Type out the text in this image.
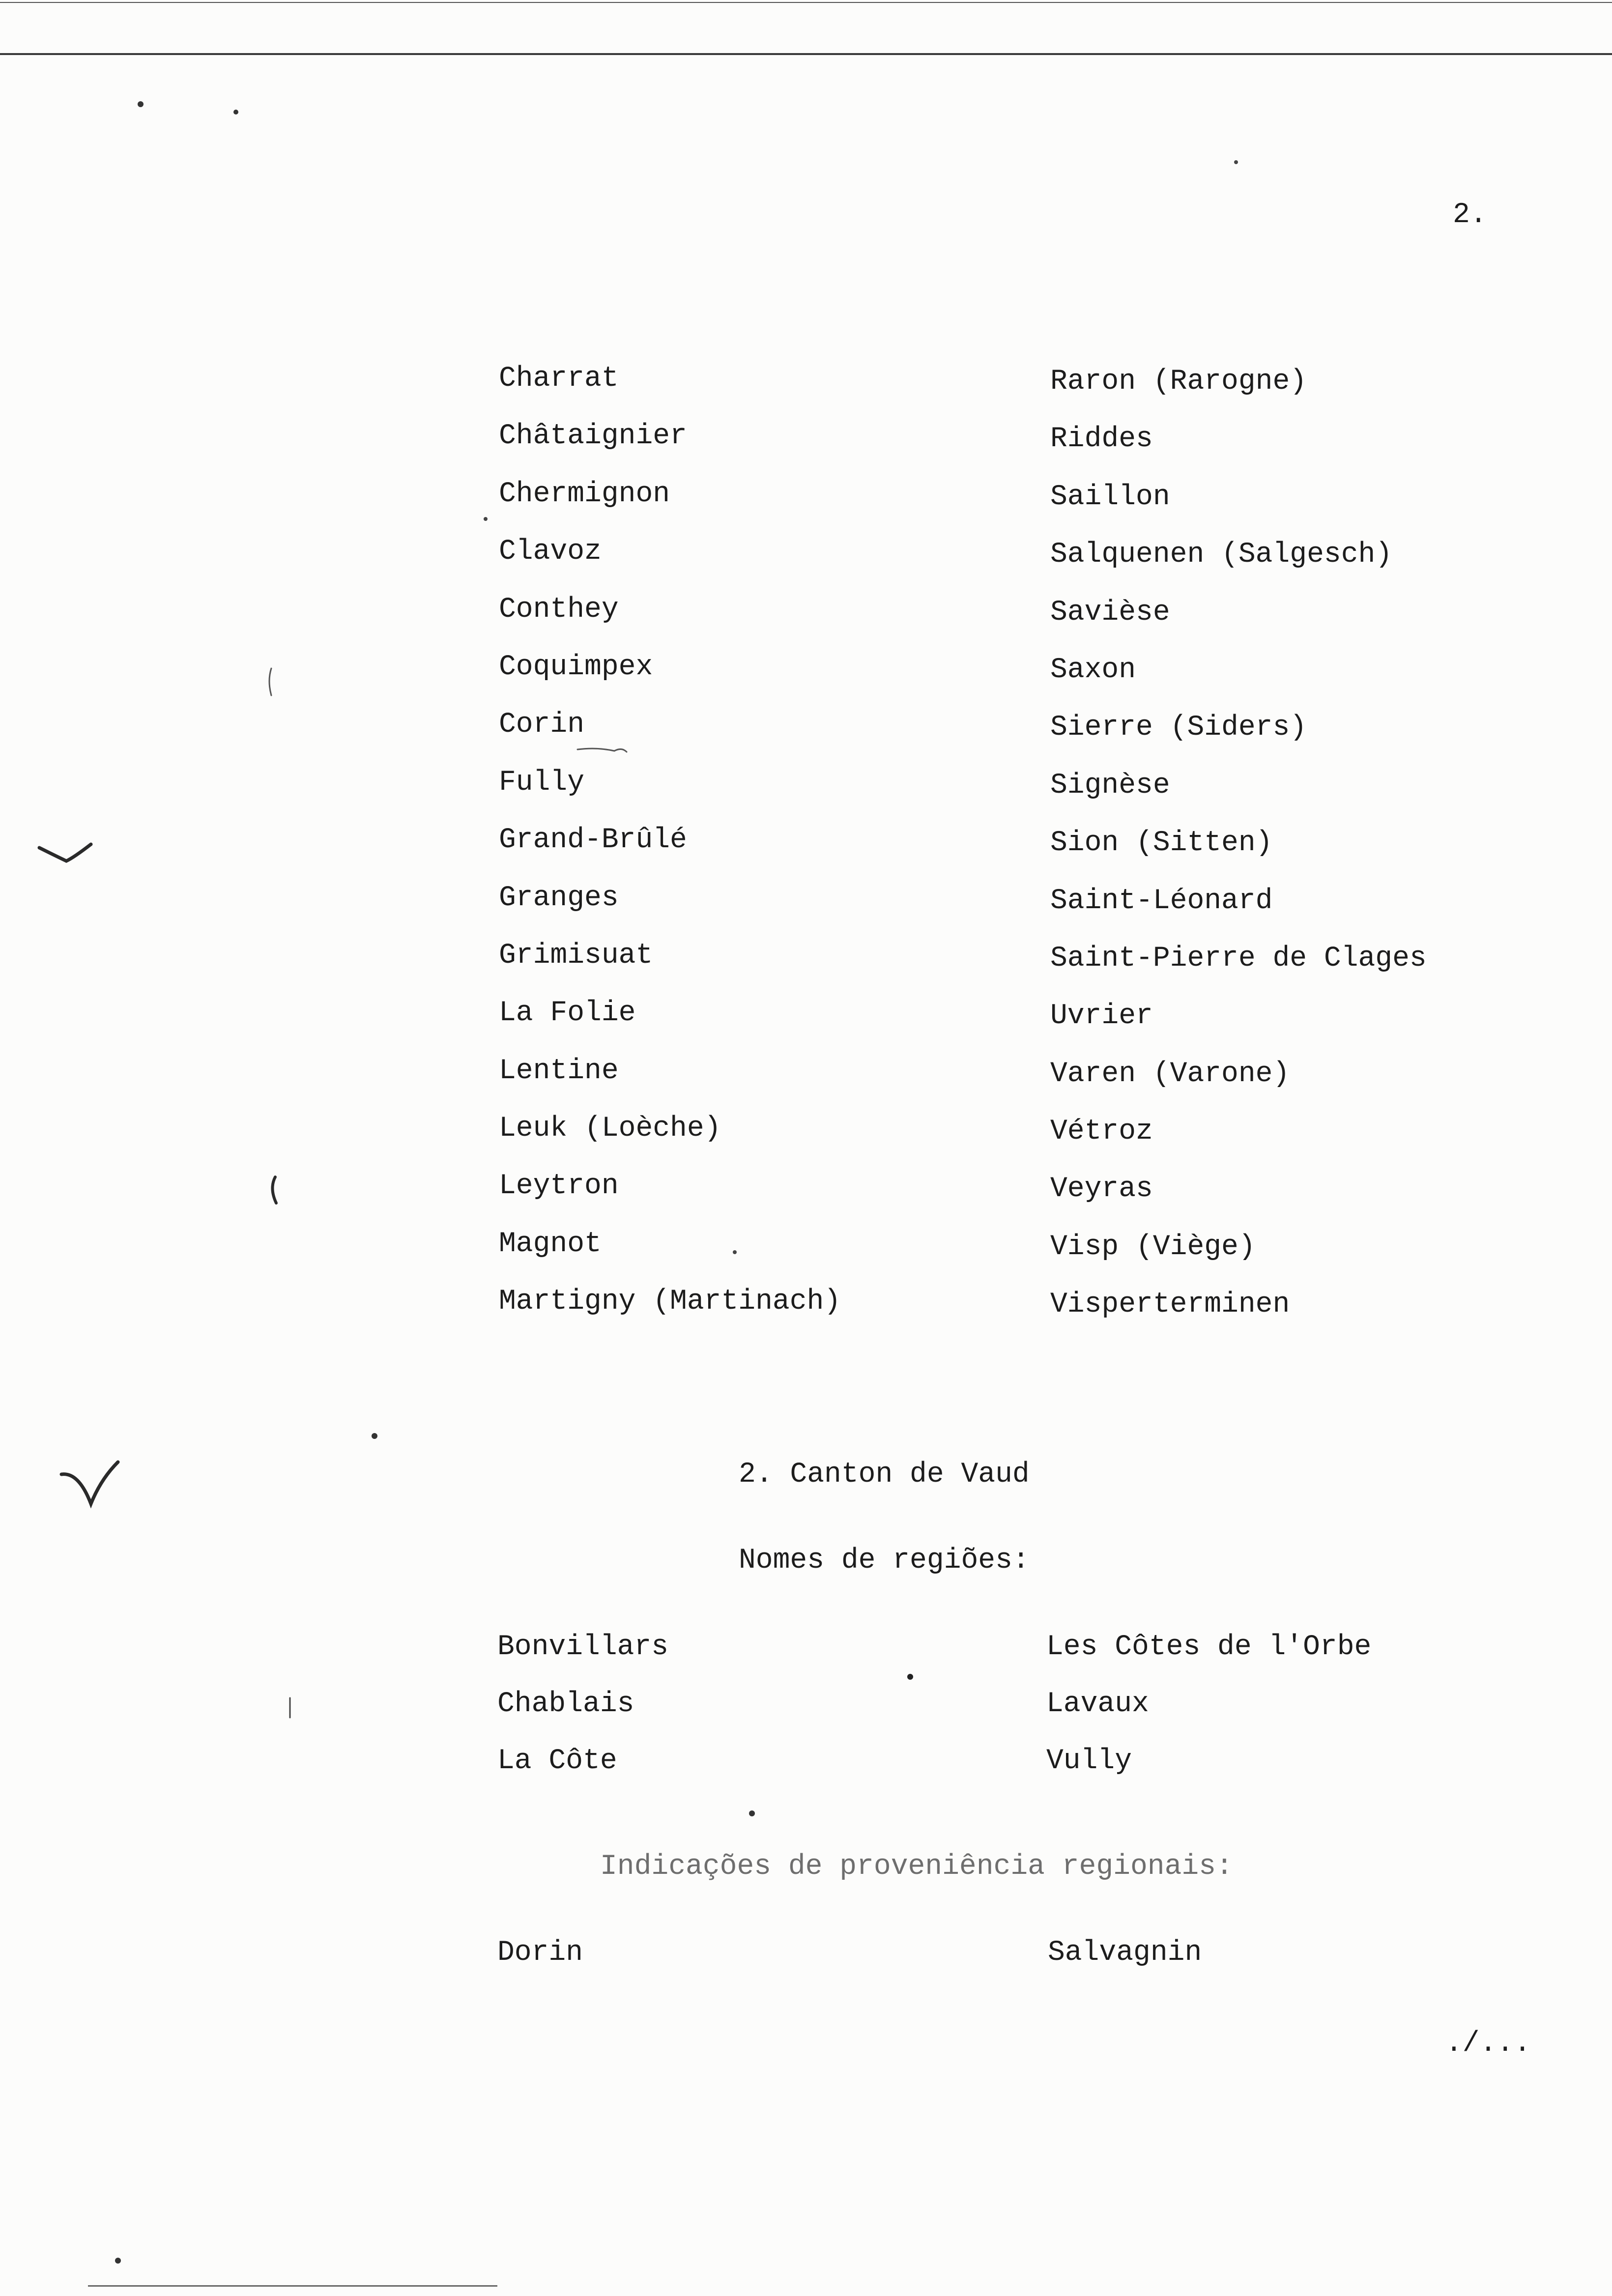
2.
Charrat
Châtaignier
Chermignon
Clavoz
Conthey
Coquimpex
Corin
Fully
Grand-Brûlé
Granges
Grimisuat
La Folie
Lentine
Leuk (Loèche)
Leytron
Magnot
Martigny (Martinach)
Raron (Rarogne)
Riddes
Saillon
Salquenen (Salgesch)
Savièse
Saxon
Sierre (Siders)
Signèse
Sion (Sitten)
Saint-Léonard
Saint-Pierre de Clages
Uvrier
Varen (Varone)
Vétroz
Veyras
Visp (Viège)
Visperterminen
2. Canton de Vaud
Nomes de regiões:
Bonvillars
Chablais
La Côte
Les Côtes de l'Orbe
Lavaux
Vully
Indicações de proveniência regionais:
Dorin	Salvagnin
./...
